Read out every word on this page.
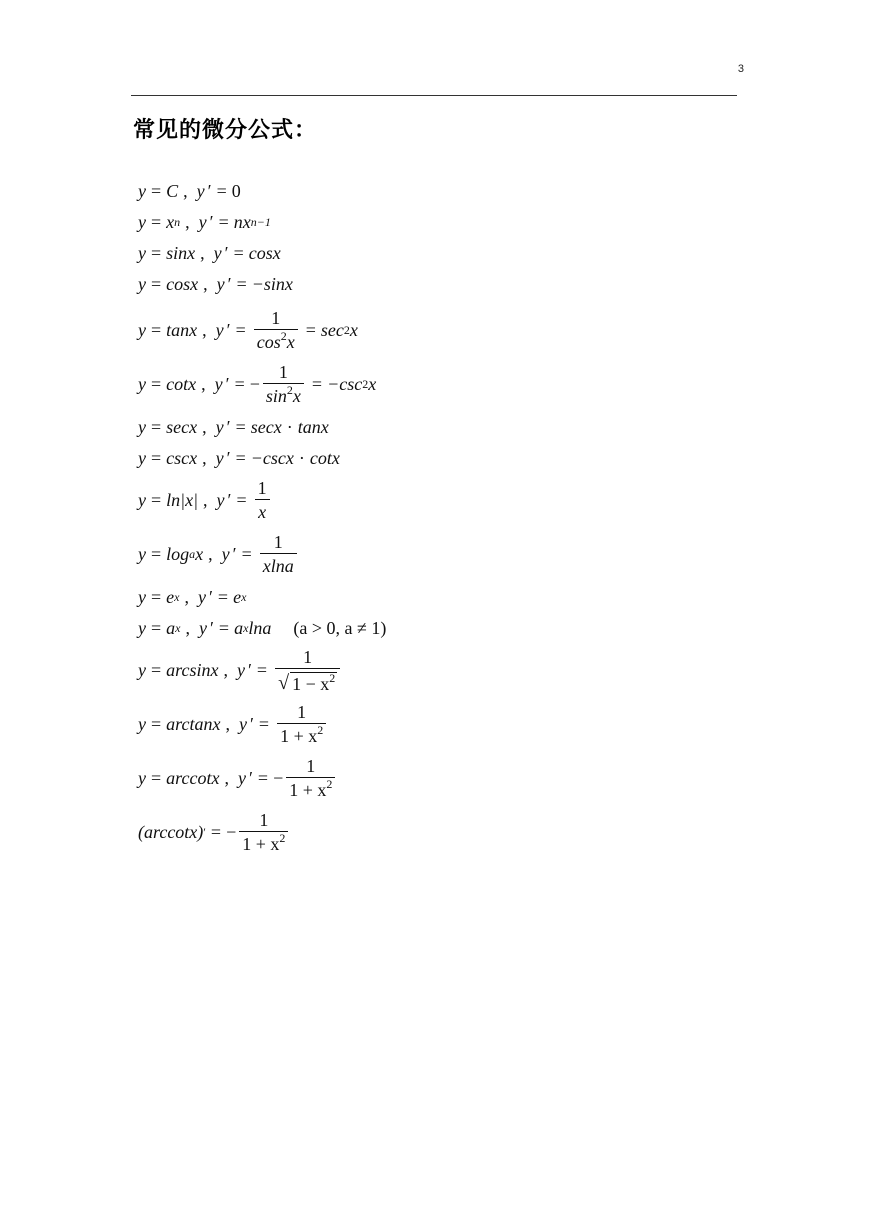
3
常见的微分公式：
y = C , y ′ = 0
y = x n , y ′ = nx n−1
y = sinx , y ′ = cosx
y = cosx , y ′ = −sinx
y = tanx , y ′ = $\frac{1}{\cos^2x} = \sec 2$ x
y = cotx , y ′ = − $\frac{1}{\sin^2x} = -\csc$ 2 x
y = secx , y ′ = secx · tanx
y = cscx , y ′ = −cscx · cotx
y = ln|x| , y ′ = $\frac{1}{x}$
y = log a x , y ′ = $\frac{1}{xlna}$
y = e x , y ′ = e x
y = a x , y ′ = a x lna (a > 0, a ≠ 1)
y = arcsinx , y ′ = $\frac{1}{√ 1 - x^2}$
y = arctanx , y ′ = $\frac{1}{1 + x^2}$
y = arccotx , y ′ = − $\frac{1}{1 + x^2}$
(arccotx) ′ = − $\frac{1}{1 + x^2}$
